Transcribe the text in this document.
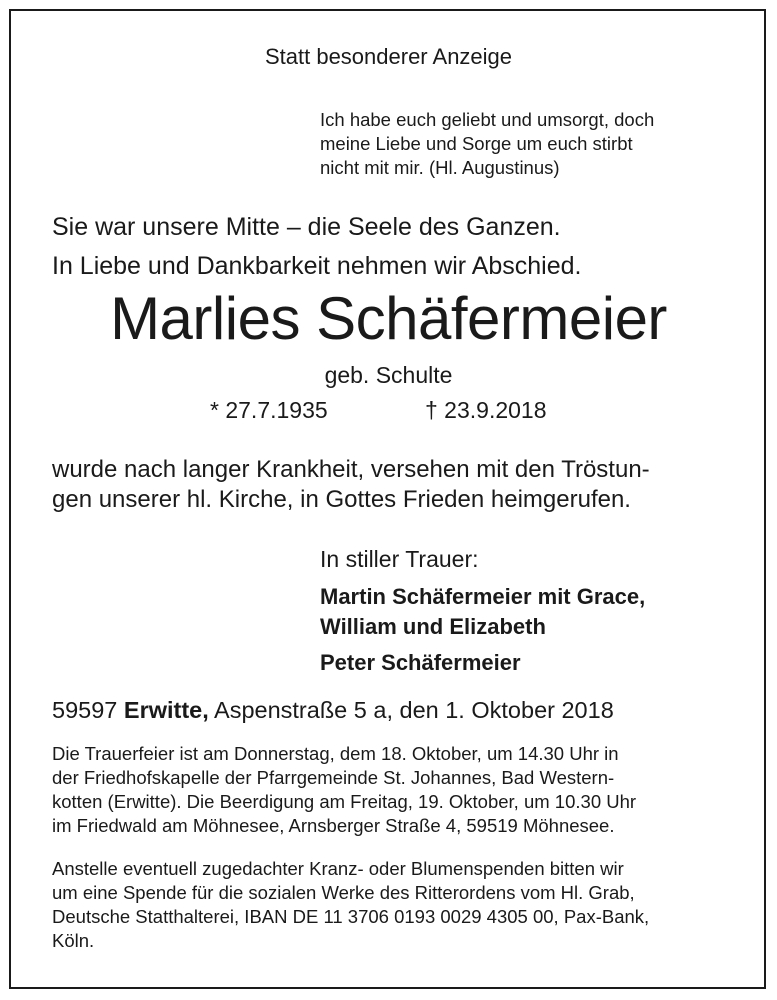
Statt besonderer Anzeige
Ich habe euch geliebt und umsorgt, doch
meine Liebe und Sorge um euch stirbt
nicht mit mir. (Hl. Augustinus)
Sie war unsere Mitte – die Seele des Ganzen.
In Liebe und Dankbarkeit nehmen wir Abschied.
Marlies Schäfermeier
geb. Schulte
* 27.7.1935	† 23.9.2018
wurde nach langer Krankheit, versehen mit den Tröstun-
gen unserer hl. Kirche, in Gottes Frieden heimgerufen.
In stiller Trauer:
Martin Schäfermeier mit Grace,
William und Elizabeth
Peter Schäfermeier
59597 Erwitte, Aspenstraße 5 a, den 1. Oktober 2018
Die Trauerfeier ist am Donnerstag, dem 18. Oktober, um 14.30 Uhr in
der Friedhofskapelle der Pfarrgemeinde St. Johannes, Bad Western-
kotten (Erwitte). Die Beerdigung am Freitag, 19. Oktober, um 10.30 Uhr
im Friedwald am Möhnesee, Arnsberger Straße 4, 59519 Möhnesee.
Anstelle eventuell zugedachter Kranz- oder Blumenspenden bitten wir
um eine Spende für die sozialen Werke des Ritterordens vom Hl. Grab,
Deutsche Statthalterei, IBAN DE 11 3706 0193 0029 4305 00, Pax-Bank,
Köln.
